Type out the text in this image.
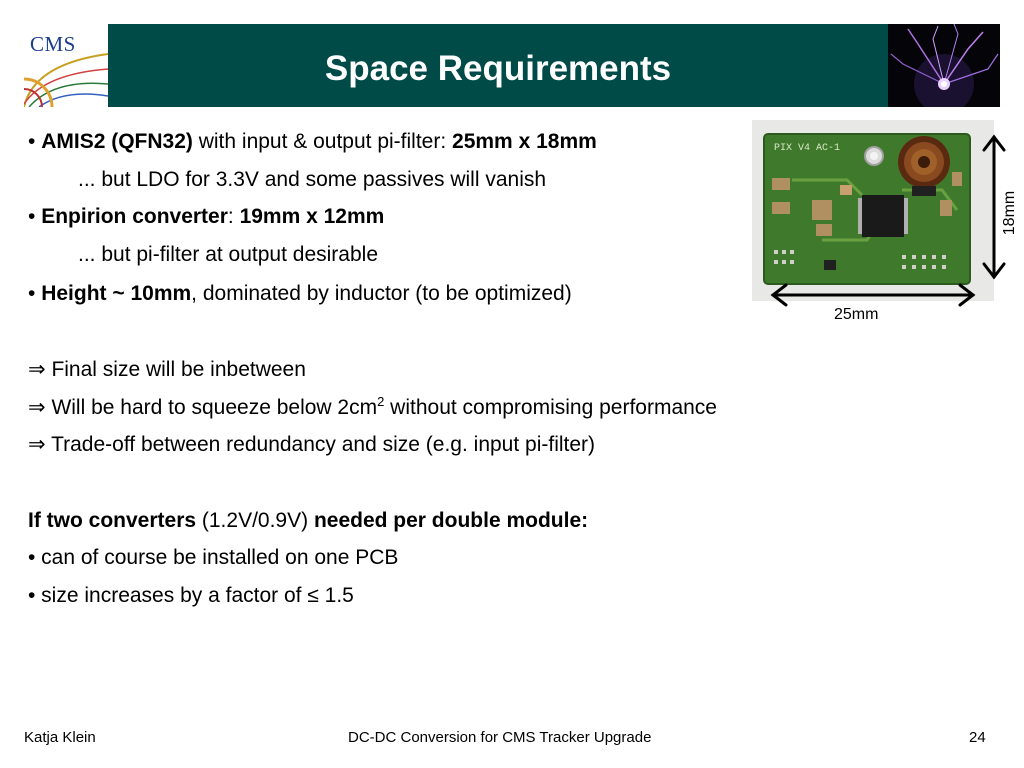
CMS
Space Requirements
• AMIS2 (QFN32) with input & output pi-filter: 25mm x 18mm
... but LDO for 3.3V and some passives will vanish
• Enpirion converter: 19mm x 12mm
... but pi-filter at output desirable
• Height ~ 10mm, dominated by inductor (to be optimized)
⇒ Final size will be inbetween
⇒ Will be hard to squeeze below $2cm^2$ without compromising performance
⇒ Trade-off between redundancy and size (e.g. input pi-filter)
If two converters (1.2V/0.9V) needed per double module:
• can of course be installed on one PCB
• size increases by a factor of ≤ 1.5
PIX V4 AC-1
18mm
25mm
Katja Klein	DC-DC Conversion for CMS Tracker Upgrade	24
